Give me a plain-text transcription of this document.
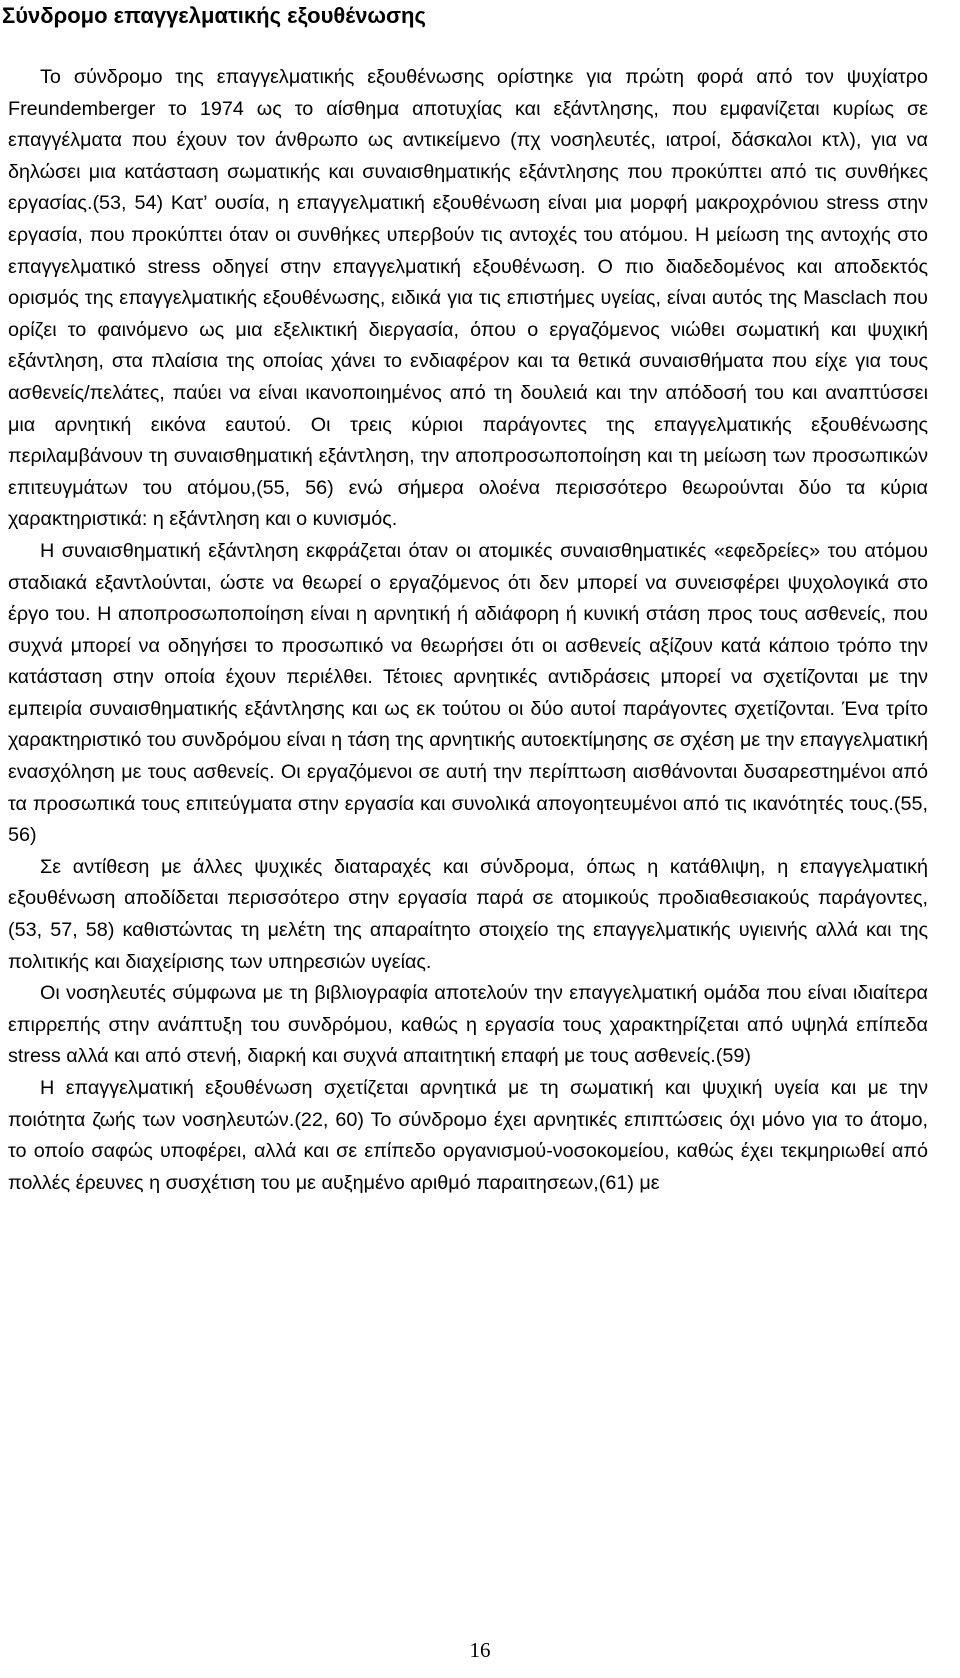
Σύνδρομο επαγγελματικής εξουθένωσης

Το σύνδρομο της επαγγελματικής εξουθένωσης ορίστηκε για πρώτη φορά από τον ψυχίατρο Freundemberger το 1974 ως το αίσθημα αποτυχίας και εξάντλησης, που εμφανίζεται κυρίως σε επαγγέλματα που έχουν τον άνθρωπο ως αντικείμενο (πχ νοσηλευτές, ιατροί, δάσκαλοι κτλ), για να δηλώσει μια κατάσταση σωματικής και συναισθηματικής εξάντλησης που προκύπτει από τις συνθήκες εργασίας.(53, 54) Κατ’ ουσία, η επαγγελματική εξουθένωση είναι μια μορφή μακροχρόνιου stress στην εργασία, που προκύπτει όταν οι συνθήκες υπερβούν τις αντοχές του ατόμου. Η μείωση της αντοχής στο επαγγελματικό stress οδηγεί στην επαγγελματική εξουθένωση. Ο πιο διαδεδομένος και αποδεκτός ορισμός της επαγγελματικής εξουθένωσης, ειδικά για τις επιστήμες υγείας, είναι αυτός της Masclach που ορίζει το φαινόμενο ως μια εξελικτική διεργασία, όπου ο εργαζόμενος νιώθει σωματική και ψυχική εξάντληση, στα πλαίσια της οποίας χάνει το ενδιαφέρον και τα θετικά συναισθήματα που είχε για τους ασθενείς/πελάτες, παύει να είναι ικανοποιημένος από τη δουλειά και την απόδοσή του και αναπτύσσει μια αρνητική εικόνα εαυτού. Οι τρεις κύριοι παράγοντες της επαγγελματικής εξουθένωσης περιλαμβάνουν τη συναισθηματική εξάντληση, την αποπροσωποποίηση και τη μείωση των προσωπικών επιτευγμάτων του ατόμου,(55, 56) ενώ σήμερα ολοένα περισσότερο θεωρούνται δύο τα κύρια χαρακτηριστικά: η εξάντληση και ο κυνισμός.

Η συναισθηματική εξάντληση εκφράζεται όταν οι ατομικές συναισθηματικές «εφεδρείες» του ατόμου σταδιακά εξαντλούνται, ώστε να θεωρεί ο εργαζόμενος ότι δεν μπορεί να συνεισφέρει ψυχολογικά στο έργο του. Η αποπροσωποποίηση είναι η αρνητική ή αδιάφορη ή κυνική στάση προς τους ασθενείς, που συχνά μπορεί να οδηγήσει το προσωπικό να θεωρήσει ότι οι ασθενείς αξίζουν κατά κάποιο τρόπο την κατάσταση στην οποία έχουν περιέλθει. Τέτοιες αρνητικές αντιδράσεις μπορεί να σχετίζονται με την εμπειρία συναισθηματικής εξάντλησης και ως εκ τούτου οι δύο αυτοί παράγοντες σχετίζονται. Ένα τρίτο χαρακτηριστικό του συνδρόμου είναι η τάση της αρνητικής αυτοεκτίμησης σε σχέση με την επαγγελματική ενασχόληση με τους ασθενείς. Οι εργαζόμενοι σε αυτή την περίπτωση αισθάνονται δυσαρεστημένοι από τα προσωπικά τους επιτεύγματα στην εργασία και συνολικά απογοητευμένοι από τις ικανότητές τους.(55, 56)

Σε αντίθεση με άλλες ψυχικές διαταραχές και σύνδρομα, όπως η κατάθλιψη, η επαγγελματική εξουθένωση αποδίδεται περισσότερο στην εργασία παρά σε ατομικούς προδιαθεσιακούς παράγοντες,(53, 57, 58) καθιστώντας τη μελέτη της απαραίτητο στοιχείο της επαγγελματικής υγιεινής αλλά και της πολιτικής και διαχείρισης των υπηρεσιών υγείας.

Οι νοσηλευτές σύμφωνα με τη βιβλιογραφία αποτελούν την επαγγελματική ομάδα που είναι ιδιαίτερα επιρρεπής στην ανάπτυξη του συνδρόμου, καθώς η εργασία τους χαρακτηρίζεται από υψηλά επίπεδα stress αλλά και από στενή, διαρκή και συχνά απαιτητική επαφή με τους ασθενείς.(59)

Η επαγγελματική εξουθένωση σχετίζεται αρνητικά με τη σωματική και ψυχική υγεία και με την ποιότητα ζωής των νοσηλευτών.(22, 60) Το σύνδρομο έχει αρνητικές επιπτώσεις όχι μόνο για το άτομο, το οποίο σαφώς υποφέρει, αλλά και σε επίπεδο οργανισμού-νοσοκομείου, καθώς έχει τεκμηριωθεί από πολλές έρευνες η συσχέτιση του με αυξημένο αριθμό παραιτησεων,(61) με

16
